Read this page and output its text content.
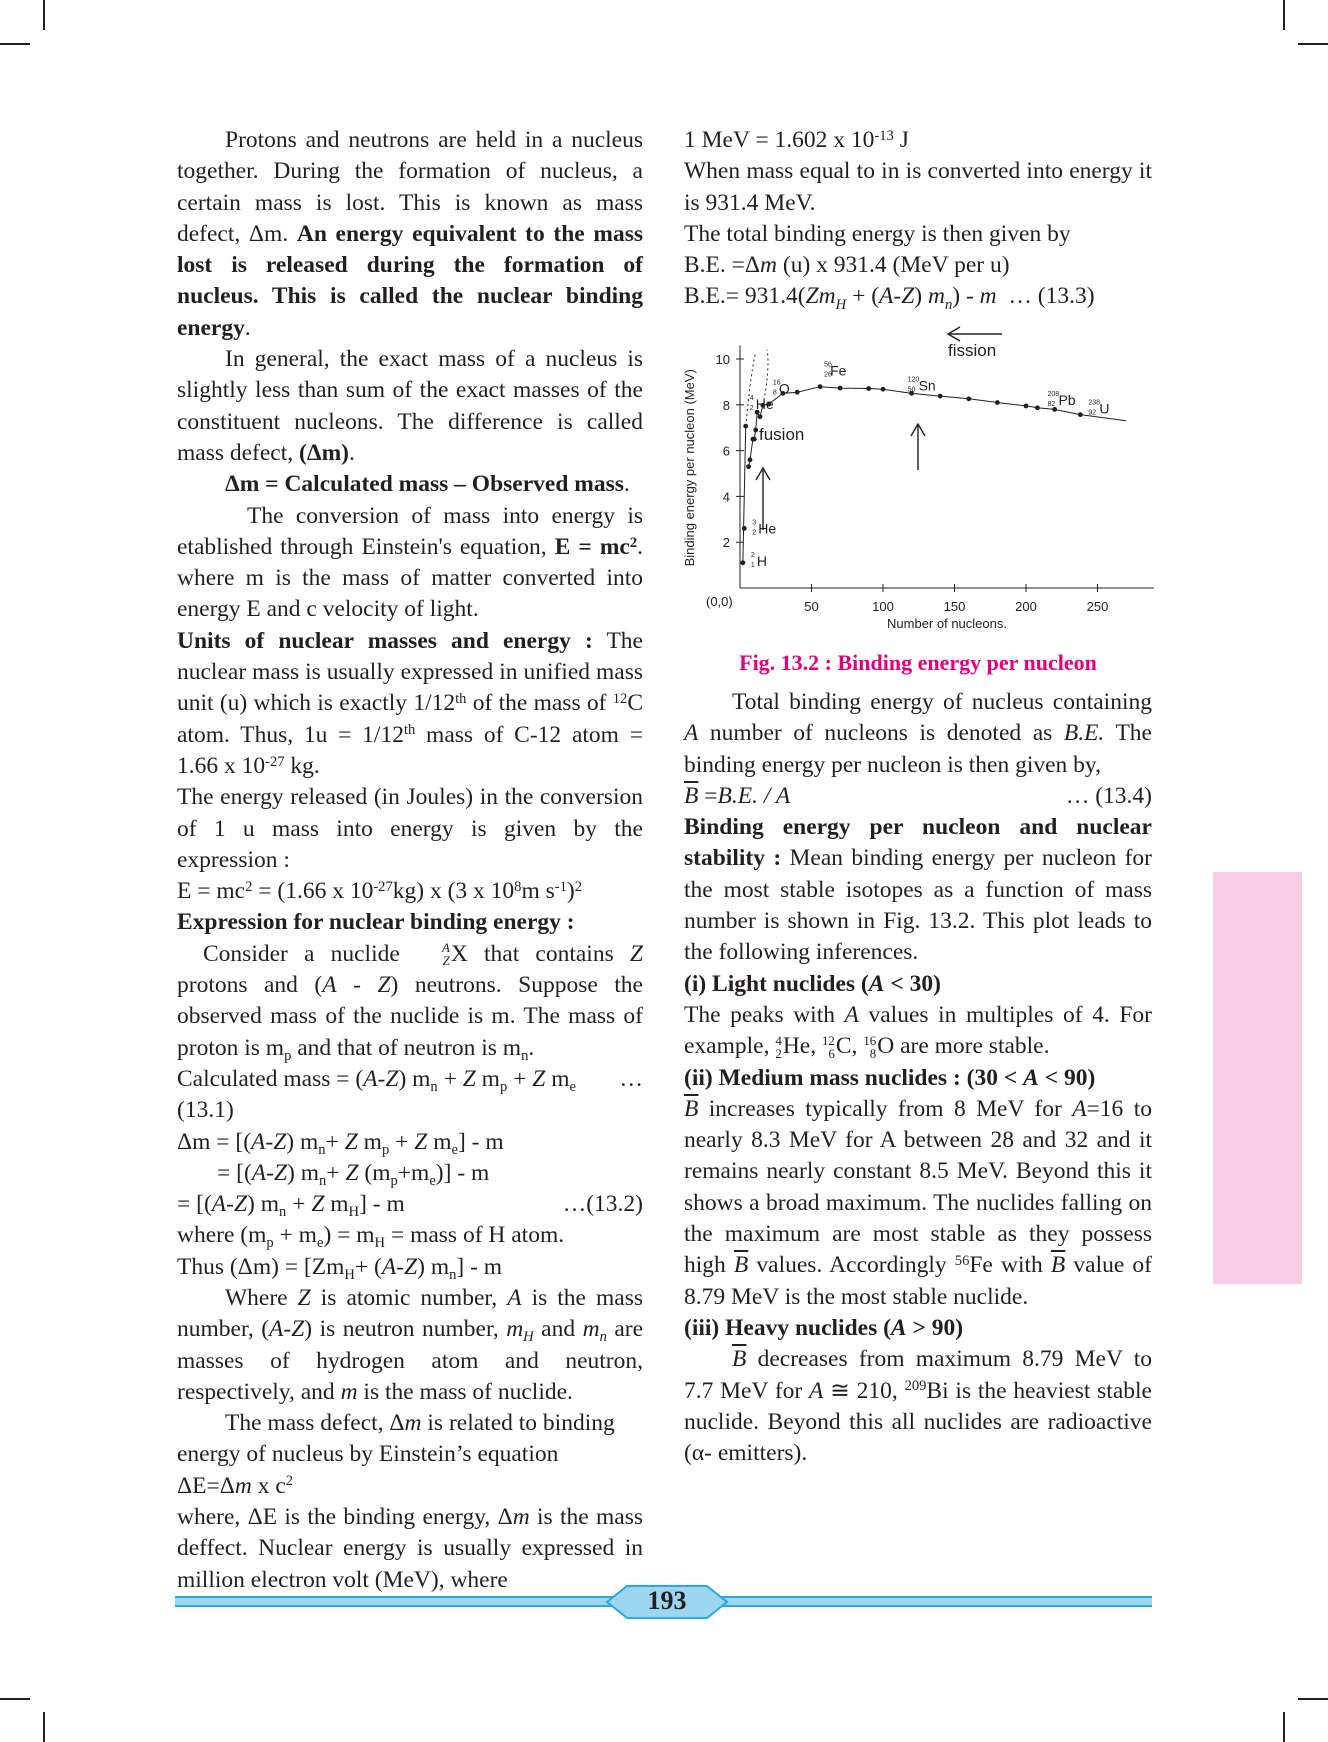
Protons and neutrons are held in a nucleus together. During the formation of nucleus, a certain mass is lost. This is known as mass defect, Δm. An energy equivalent to the mass lost is released during the formation of nucleus. This is called the nuclear binding energy.

In general, the exact mass of a nucleus is slightly less than sum of the exact masses of the constituent nucleons. The difference is called mass defect, (Δm).

Δm = Calculated mass – Observed mass.

The conversion of mass into energy is etablished through Einstein's equation, $E = mc^2$. where m is the mass of matter converted into energy E and c velocity of light.

Units of nuclear masses and energy : The nuclear mass is usually expressed in unified mass unit (u) which is exactly 1/12th of the mass of $^{12}$C atom. Thus, 1u = 1/12th mass of C-12 atom = 1.66 x $10^{-27}$ kg.

The energy released (in Joules) in the conversion of 1 u mass into energy is given by the expression :

$E = mc^2 = (1.66$ x $10^{-27}kg$) x (3 x $10^8m$ $s^{-1})^2$

Expression for nuclear binding energy :

Consider a nuclide	A
Z X that contains Z protons and (A - Z) neutrons. Suppose the observed mass of the nuclide is m. The mass of proton is $m_p$ and that of neutron is $m_n$.

Calculated mass = (A-Z) $m_n + Z$ $m_p + Z$ $m_e$ …

(13.1)

Δm = [(A-Z) $m_n+ Z$ $m_p + Z$ $m_e$] - m

= [(A-Z) $m_n+ Z$ $(m_p+m_e)] - m$

= [(A-Z) $m_n + Z$ $m_H$] - m	…(13.2)

where $(m_p + m_e) = m_H$ = mass of H atom.

Thus $(\Delta m) = [Zm_H+ (A-Z)$ $m_n$] - m

Where Z is atomic number, A is the mass number, (A-Z) is neutron number, $m_H$ and $m_n$ are masses of hydrogen atom and neutron, respectively, and m is the mass of nuclide.

The mass defect, Δm is related to binding energy of nucleus by Einstein’s equation

ΔE=Δm x $c^2$

where, ΔE is the binding energy, Δm is the mass deffect. Nuclear energy is usually expressed in million electron volt (MeV), where

1 MeV = 1.602 x $10^{-13}$ J

When mass equal to in is converted into energy it is 931.4 MeV.

The total binding energy is then given by

B.E. =Δm (u) x 931.4 (MeV per u)

$B.E.= 931.4(Zm_H + (A-Z)$ $m_n$) - m … (13.3)

2
4
6
8
10
50	100	150	200	250
(0,0)
Number of nucleons.
Binding energy per nucleon (MeV)	2
1 H
3
2 He
4
2 He
16
8 O
56
26
Fe
120
50 Sn
208
82 Pb 238
92 U
fusion
fission
Fig. 13.2 : Binding energy per nucleon

Total binding energy of nucleus containing A number of nucleons is denoted as B.E. The binding energy per nucleon is then given by,

$\overline{B} =B.E$. / A	… (13.4)

Binding energy per nucleon and nuclear stability : Mean binding energy per nucleon for the most stable isotopes as a function of mass number is shown in Fig. 13.2. This plot leads to the following inferences.

(i) Light nuclides (A < 30)

The peaks with A values in multiples of 4. For example, 4
2 He, 12
6 C, 16
8 O are more stable.

(ii) Medium mass nuclides : (30 < A < 90)

$\overline{B}$ increases typically from 8 MeV for A=16 to nearly 8.3 MeV for A between 28 and 32 and it remains nearly constant 8.5 MeV. Beyond this it shows a broad maximum. The nuclides falling on the maximum are most stable as they possess high $\overline{B}$ values. Accordingly $^{56}$Fe with $\overline{B}$ value of 8.79 MeV is the most stable nuclide.

(iii) Heavy nuclides (A > 90)

$\overline{B}$ decreases from maximum 8.79 MeV to 7.7 MeV for A ≅ 210, $^{209}$Bi is the heaviest stable nuclide. Beyond this all nuclides are radioactive (α- emitters).

193
